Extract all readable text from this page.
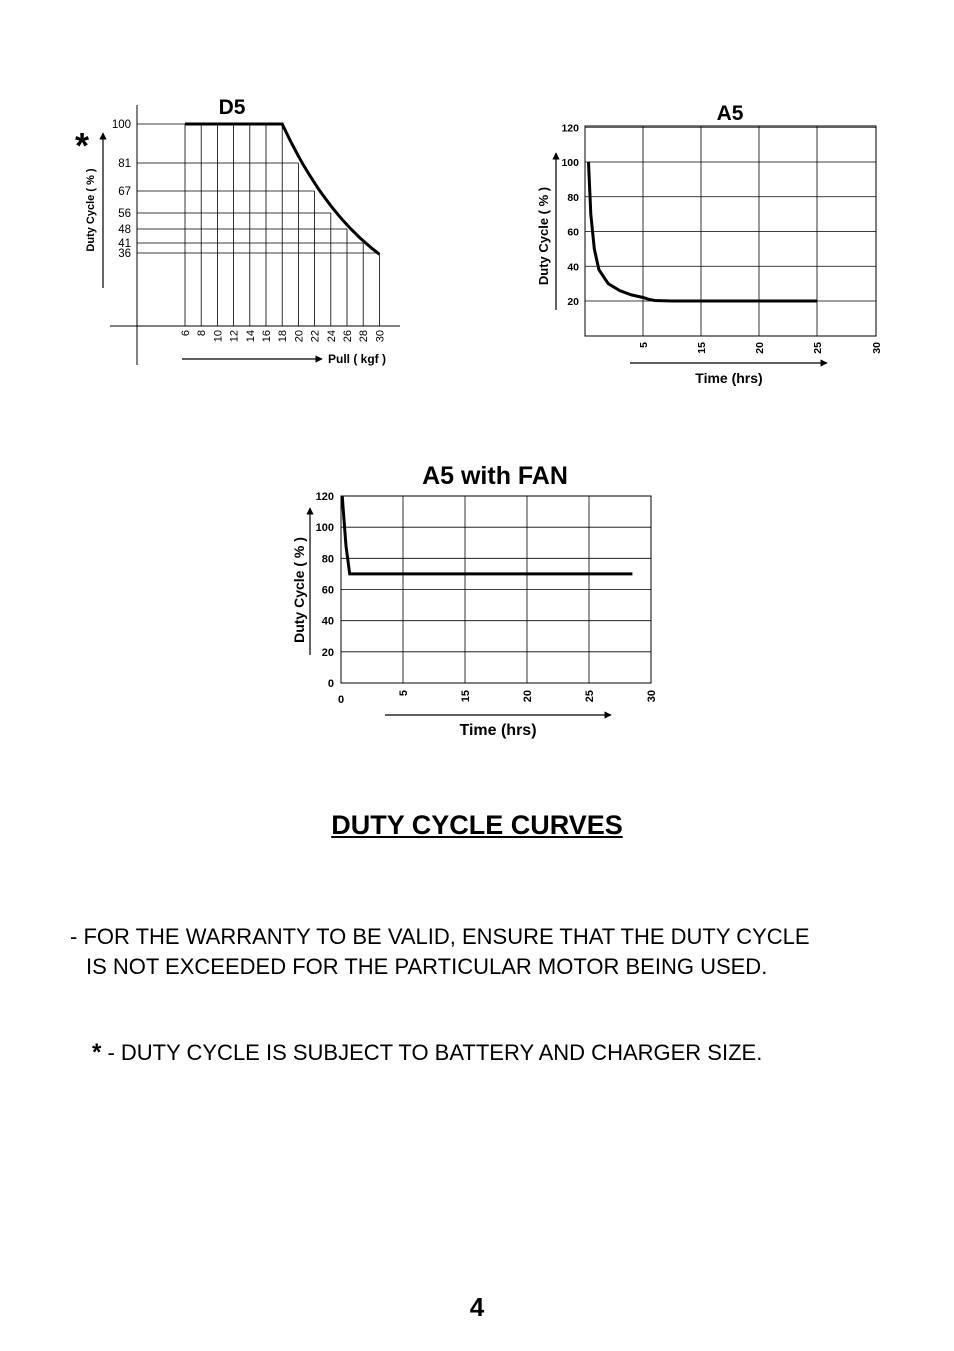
100
81
67
56
48
41
36
6 8 10 12 14 16 18 20 22 24 26 28 30
D5
*
Duty Cycle ( % )
Pull ( kgf )
20
40
60
80
100
120
5	15	20	25	30
A5
Duty Cycle ( % )
Time (hrs)
0
20
40
60
80
100
120
0
5	15	20	25	30
A5 with FAN
Duty Cycle ( % )
Time (hrs)
DUTY CYCLE CURVES
- FOR THE WARRANTY TO BE VALID, ENSURE THAT THE DUTY CYCLE
IS NOT EXCEEDED FOR THE PARTICULAR MOTOR BEING USED.
* - DUTY CYCLE IS SUBJECT TO BATTERY AND CHARGER SIZE.
4
